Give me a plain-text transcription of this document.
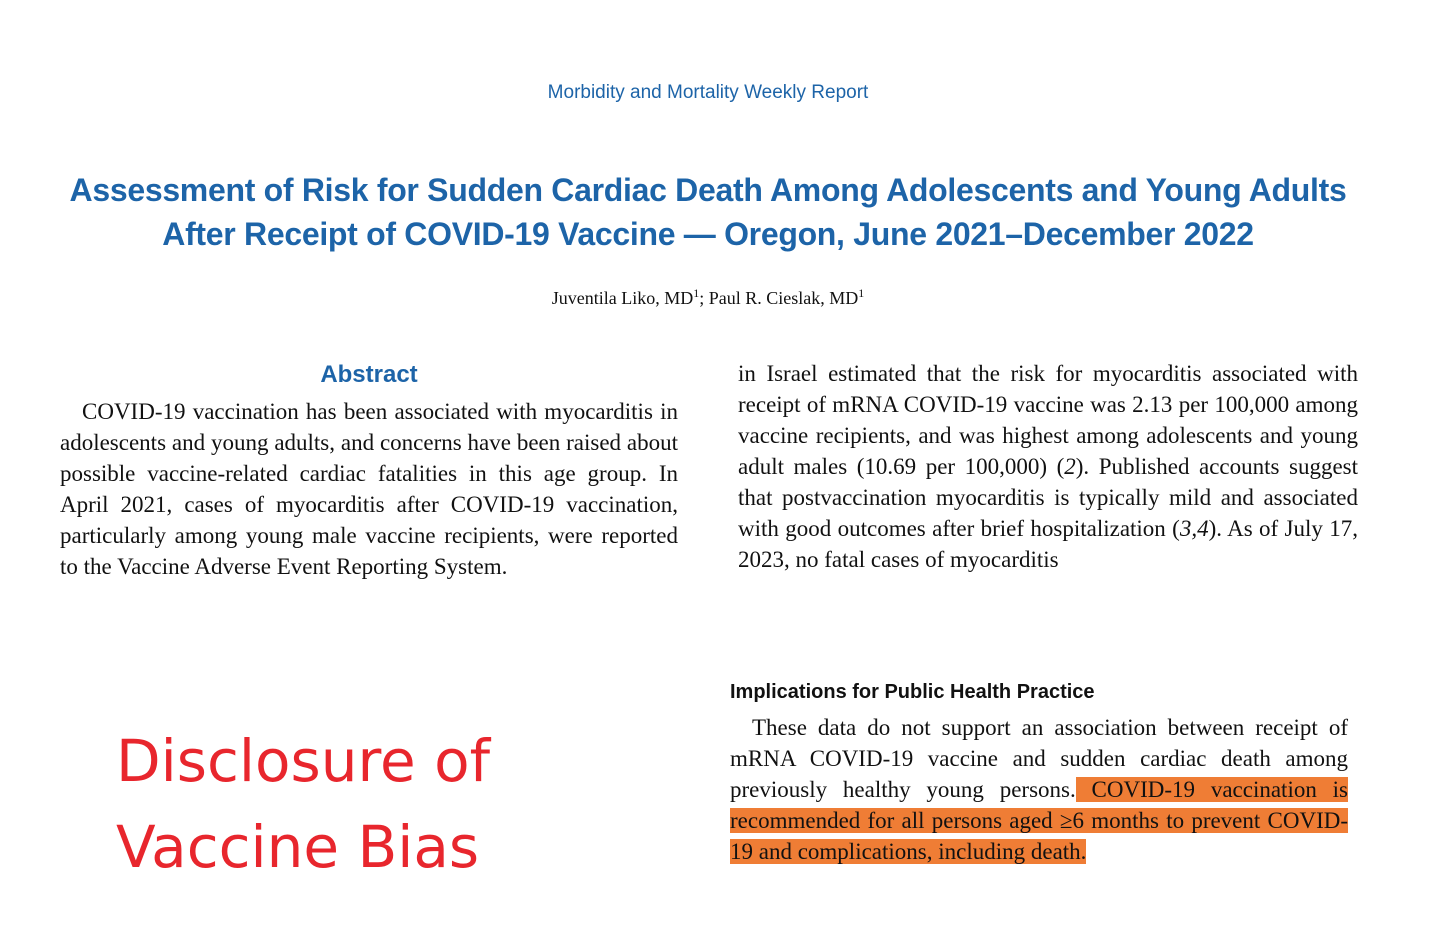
Morbidity and Mortality Weekly Report
Assessment of Risk for Sudden Cardiac Death Among Adolescents and Young Adults After Receipt of COVID-19 Vaccine — Oregon, June 2021–December 2022
Juventila Liko, $MD^1$; Paul R. Cieslak, $MD^1$
Abstract

COVID-19 vaccination has been associated with myocarditis in adolescents and young adults, and concerns have been raised about possible vaccine-related cardiac fatalities in this age group. In April 2021, cases of myocarditis after COVID-19 vaccination, particularly among young male vaccine recipients, were reported to the Vaccine Adverse Event Reporting System.

in Israel estimated that the risk for myocarditis associated with receipt of mRNA COVID-19 vaccine was 2.13 per 100,000 among vaccine recipients, and was highest among adolescents and young adult males (10.69 per 100,000) (2). Published accounts suggest that postvaccination myocarditis is typically mild and associated with good outcomes after brief hospitalization (3,4). As of July 17, 2023, no fatal cases of myocarditis

Implications for Public Health Practice

These data do not support an association between receipt of mRNA COVID-19 vaccine and sudden cardiac death among previously healthy young persons. COVID-19 vaccination is recommended for all persons aged ≥6 months to prevent COVID-19 and complications, including death.

Disclosure of
Vaccine Bias
